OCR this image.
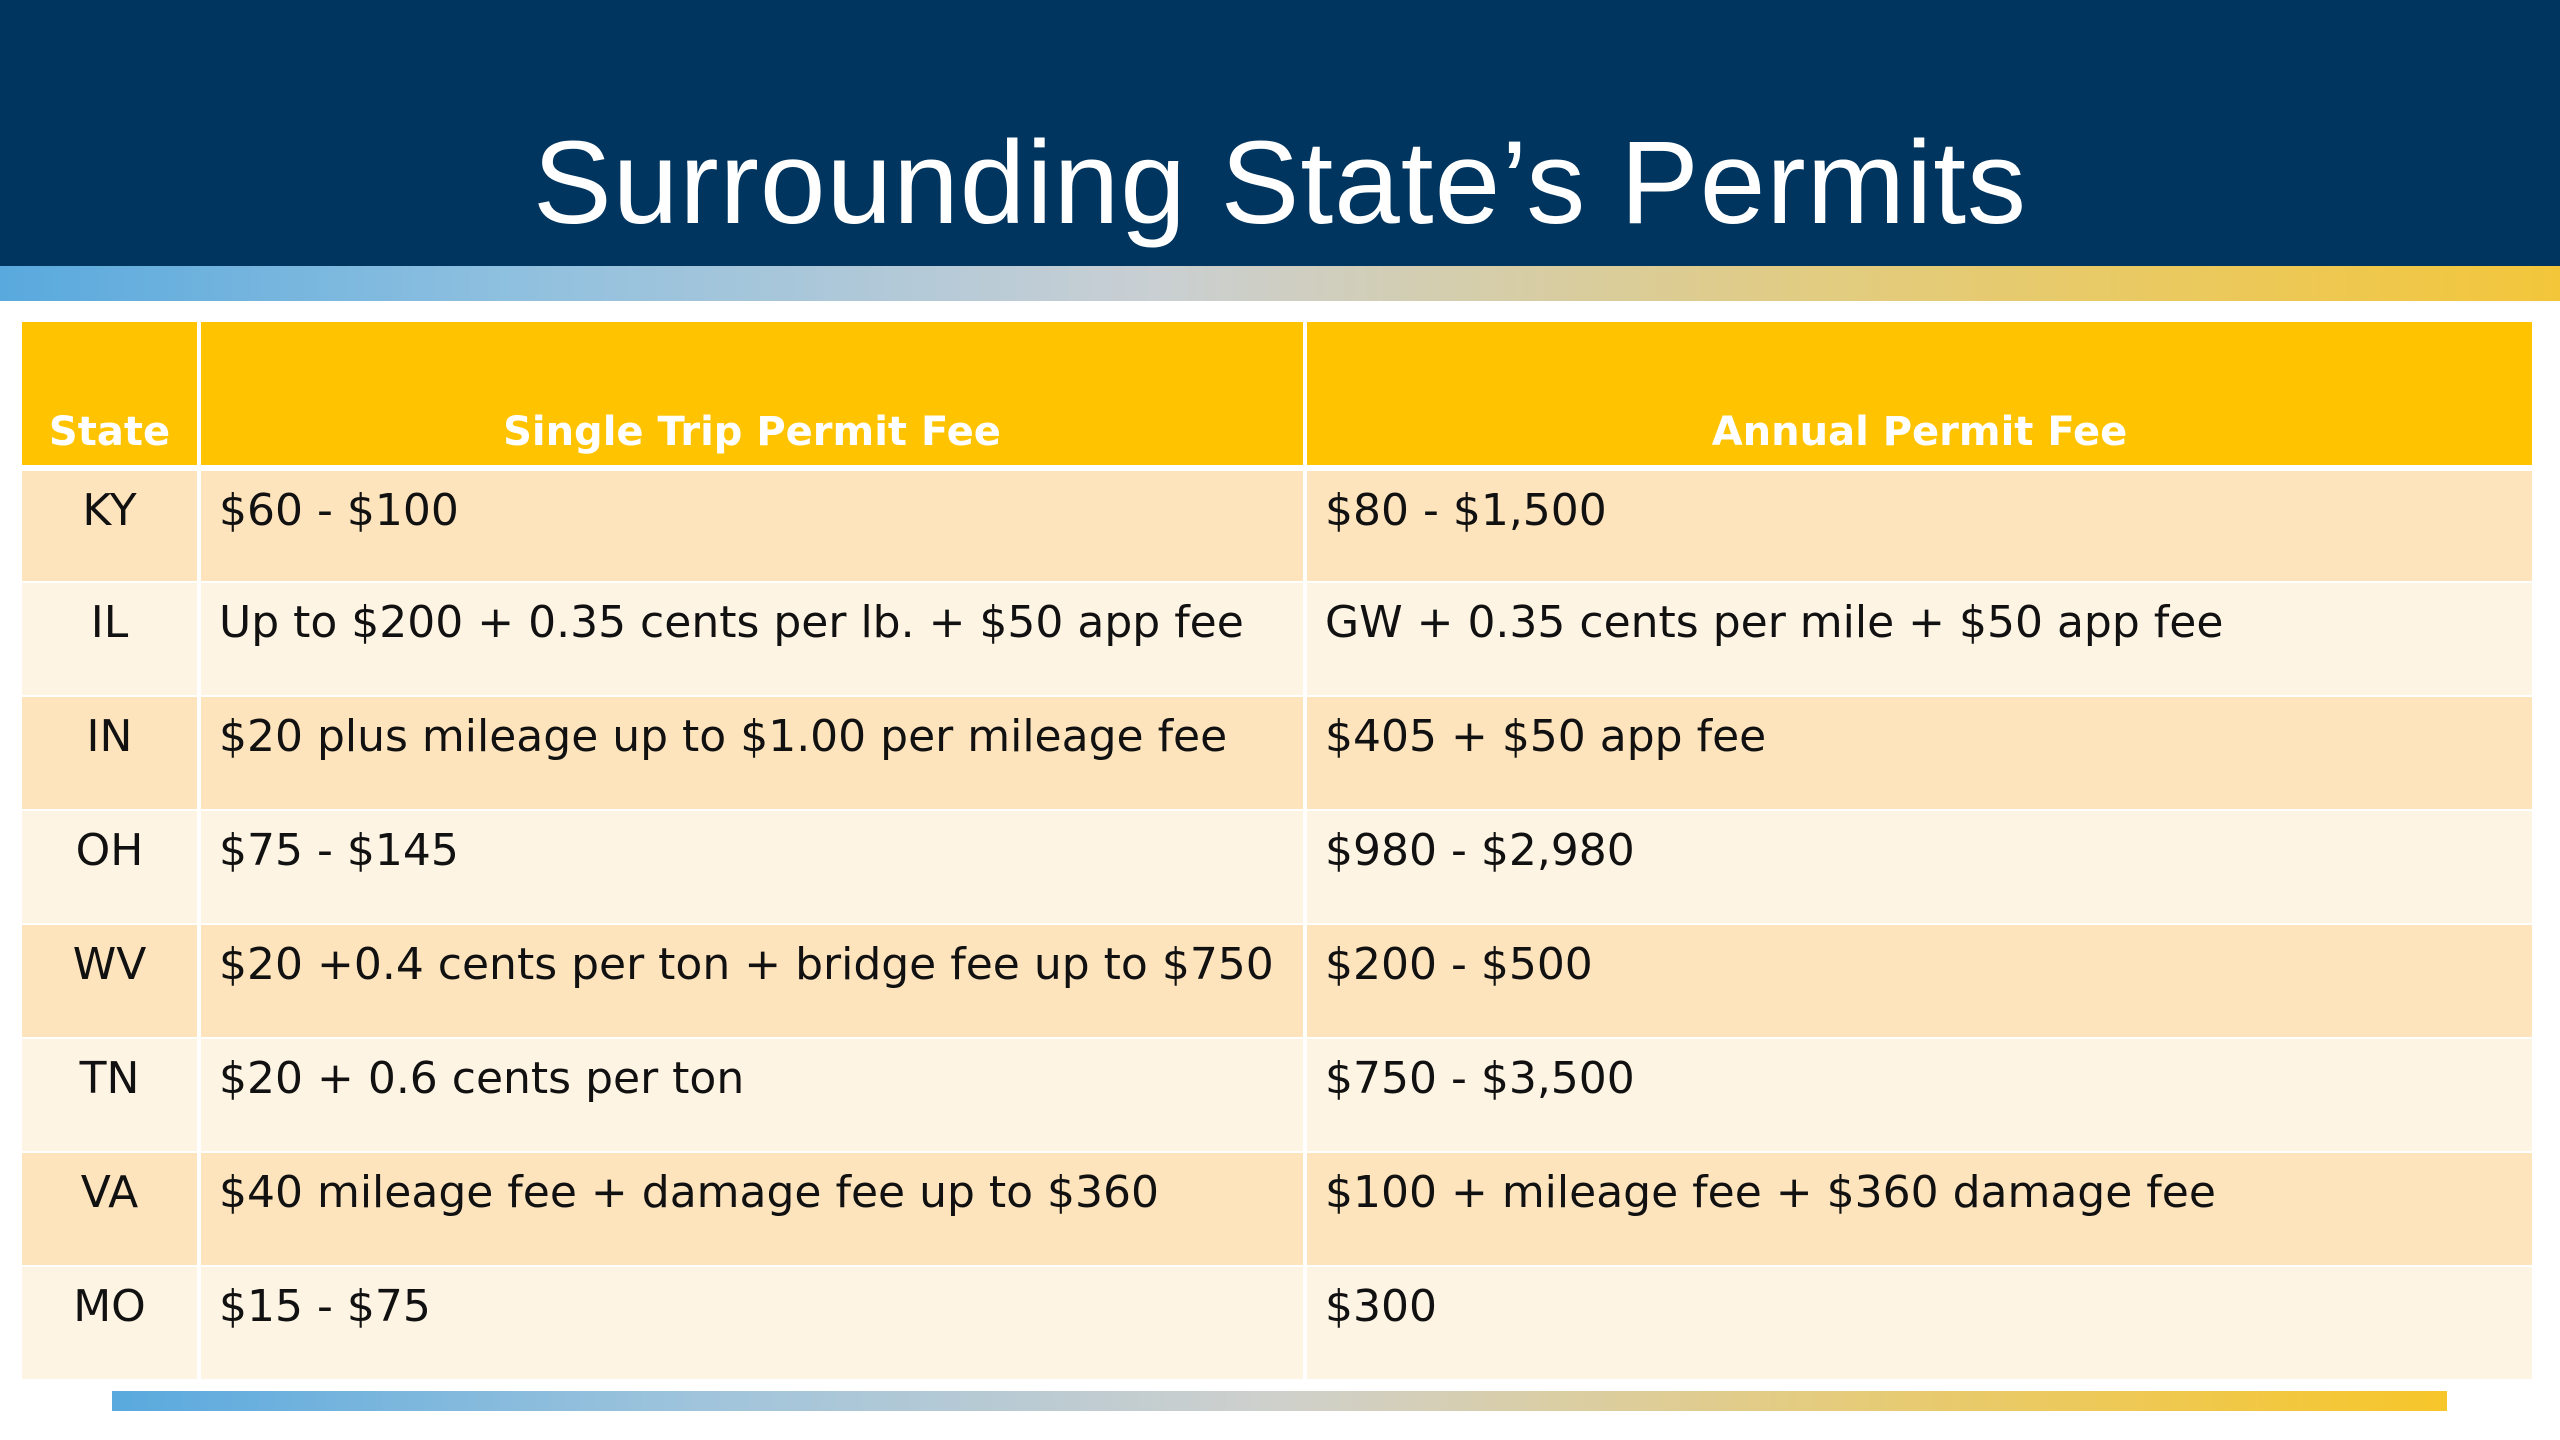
Surrounding State’s Permits
State	Single Trip Permit Fee	Annual Permit Fee
KY	$60 - $100	$80 - $1,500
IL	Up to $200 + 0.35 cents per lb. + $50 app fee	GW + 0.35 cents per mile + $50 app fee
IN	$20 plus mileage up to $1.00 per mileage fee	$405 + $50 app fee
OH	$75 - $145	$980 - $2,980
WV	$20 +0.4 cents per ton + bridge fee up to $750	$200 - $500
TN	$20 + 0.6 cents per ton	$750 - $3,500
VA	$40 mileage fee + damage fee up to $360	$100 + mileage fee + $360 damage fee
MO	$15 - $75	$300
